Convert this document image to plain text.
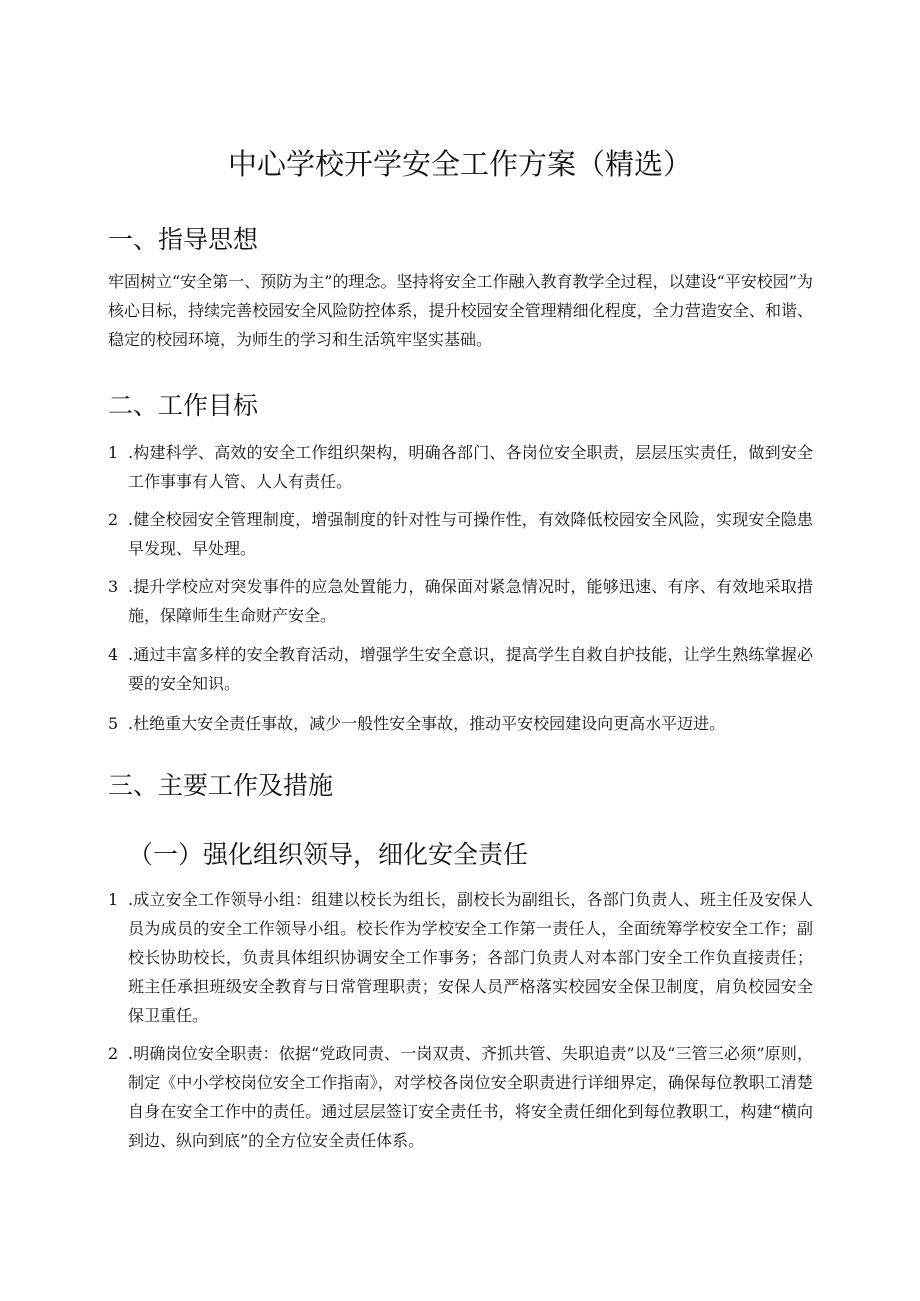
中心学校开学安全工作方案（精选）
一、指导思想

牢固树立“安全第一、预防为主”的理念。坚持将安全工作融入教育教学全过程，以建设“平安校园”为核心目标，持续完善校园安全风险防控体系，提升校园安全管理精细化程度，全力营造安全、和谐、稳定的校园环境，为师生的学习和生活筑牢坚实基础。

二、工作目标
1 .构建科学、高效的安全工作组织架构，明确各部门、各岗位安全职责，层层压实责任，做到安全工作事事有人管、人人有责任。
2 .健全校园安全管理制度，增强制度的针对性与可操作性，有效降低校园安全风险，实现安全隐患早发现、早处理。
3 .提升学校应对突发事件的应急处置能力，确保面对紧急情况时，能够迅速、有序、有效地采取措施，保障师生生命财产安全。
4 .通过丰富多样的安全教育活动，增强学生安全意识，提高学生自救自护技能，让学生熟练掌握必要的安全知识。
5 .杜绝重大安全责任事故，减少一般性安全事故，推动平安校园建设向更高水平迈进。
三、主要工作及措施
（一）强化组织领导，细化安全责任
1 .成立安全工作领导小组：组建以校长为组长，副校长为副组长，各部门负责人、班主任及安保人员为成员的安全工作领导小组。校长作为学校安全工作第一责任人，全面统筹学校安全工作；副校长协助校长，负责具体组织协调安全工作事务；各部门负责人对本部门安全工作负直接责任；班主任承担班级安全教育与日常管理职责；安保人员严格落实校园安全保卫制度，肩负校园安全保卫重任。
2 .明确岗位安全职责：依据“党政同责、一岗双责、齐抓共管、失职追责”以及“三管三必须”原则，制定《中小学校岗位安全工作指南》，对学校各岗位安全职责进行详细界定，确保每位教职工清楚自身在安全工作中的责任。通过层层签订安全责任书，将安全责任细化到每位教职工，构建“横向到边、纵向到底”的全方位安全责任体系。
